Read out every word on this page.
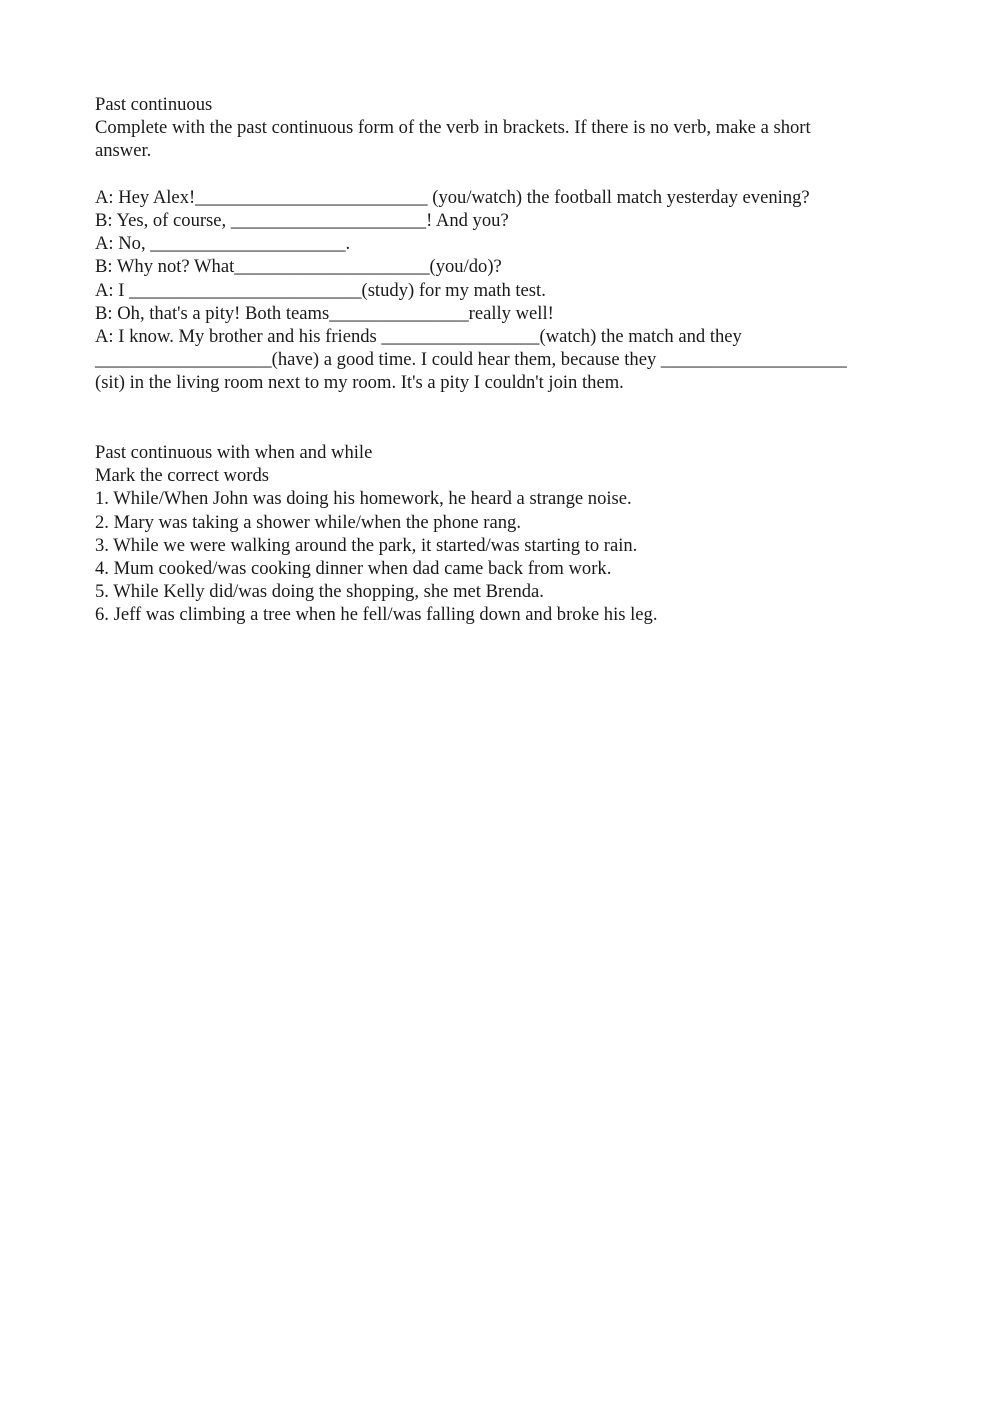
Past continuous

Complete with the past continuous form of the verb in brackets. If there is no verb, make a short

answer.

A: Hey Alex!_________________________ (you/watch) the football match yesterday evening?

B: Yes, of course, _____________________! And you?

A: No, _____________________.

B: Why not? What_____________________(you/do)?

A: I _________________________(study) for my math test.

B: Oh, that's a pity! Both teams_______________really well!

A: I know. My brother and his friends _________________(watch) the match and they

___________________(have) a good time. I could hear them, because they ____________________

(sit) in the living room next to my room. It's a pity I couldn't join them.

Past continuous with when and while

Mark the correct words

1. While/When John was doing his homework, he heard a strange noise.

2. Mary was taking a shower while/when the phone rang.

3. While we were walking around the park, it started/was starting to rain.

4. Mum cooked/was cooking dinner when dad came back from work.

5. While Kelly did/was doing the shopping, she met Brenda.

6. Jeff was climbing a tree when he fell/was falling down and broke his leg.
